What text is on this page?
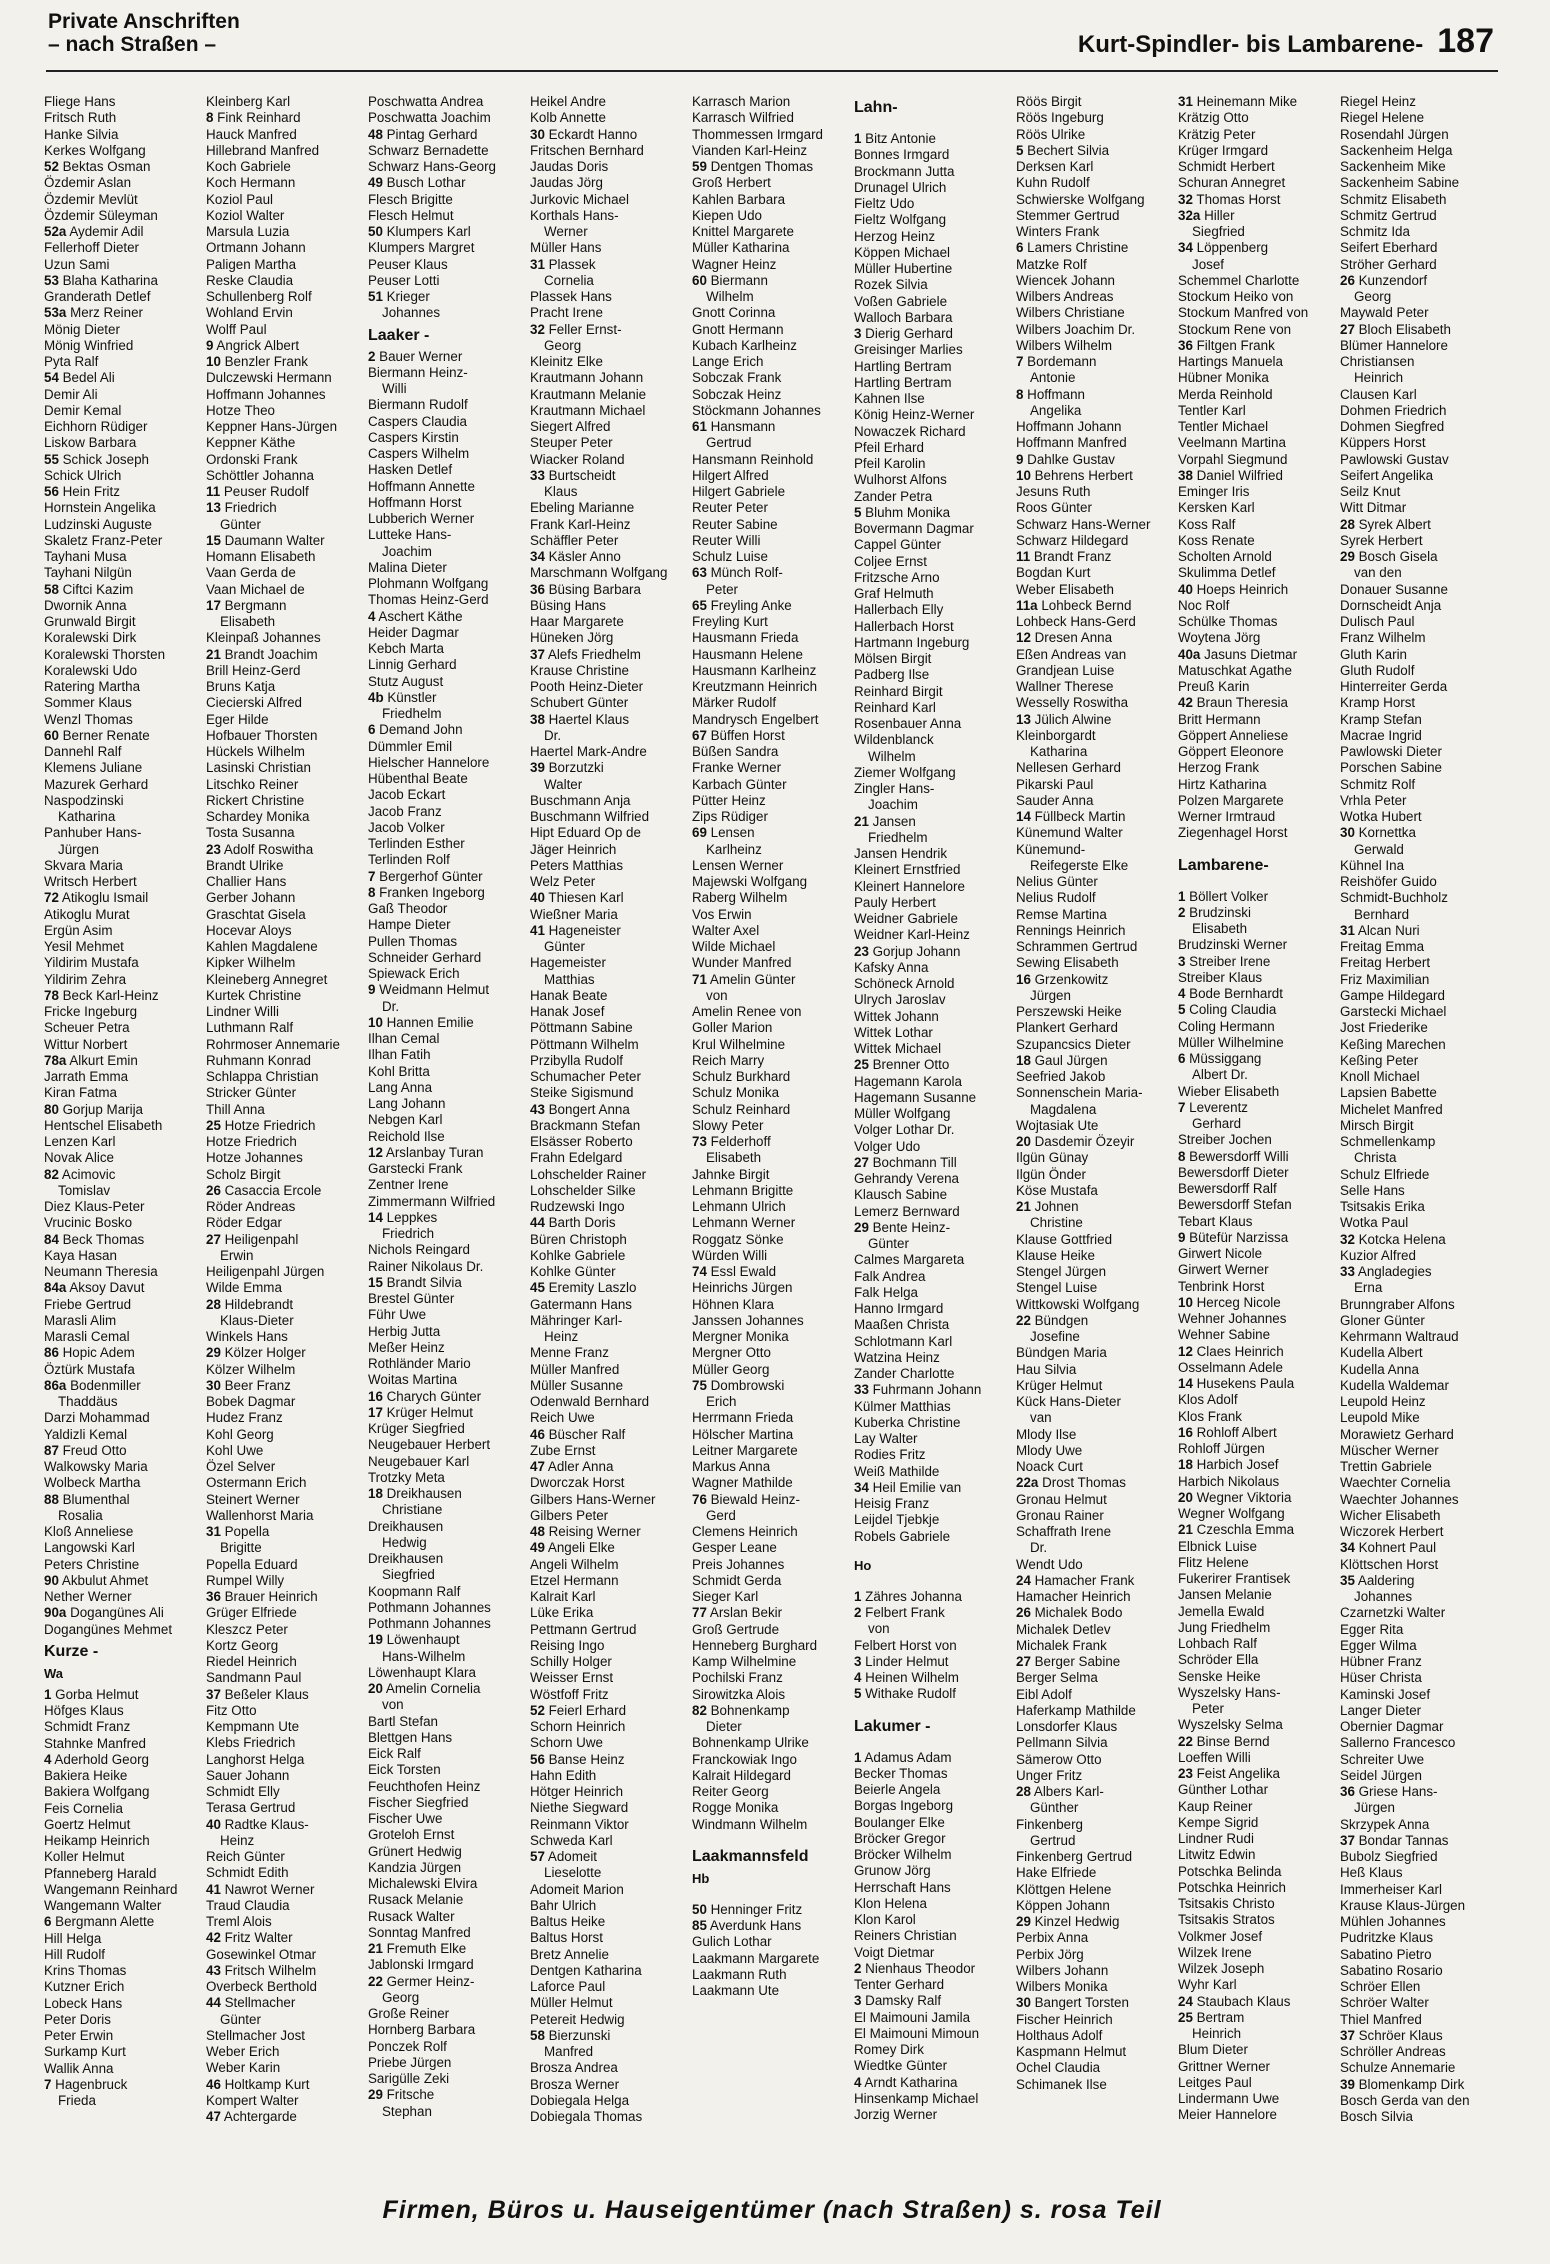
Private Anschriften
– nach Straßen –	Kurt-Spindler- bis Lambarene- 187
Fliege Hans
Fritsch Ruth
Hanke Silvia
Kerkes Wolfgang
52 Bektas Osman
Özdemir Aslan
Özdemir Mevlüt
Özdemir Süleyman
52a Aydemir Adil
Fellerhoff Dieter
Uzun Sami
53 Blaha Katharina
Granderath Detlef
53a Merz Reiner
Mönig Dieter
Mönig Winfried
Pyta Ralf
54 Bedel Ali
Demir Ali
Demir Kemal
Eichhorn Rüdiger
Liskow Barbara
55 Schick Joseph
Schick Ulrich
56 Hein Fritz
Hornstein Angelika
Ludzinski Auguste
Skaletz Franz-Peter
Tayhani Musa
Tayhani Nilgün
58 Ciftci Kazim
Dwornik Anna
Grunwald Birgit
Koralewski Dirk
Koralewski Thorsten
Koralewski Udo
Ratering Martha
Sommer Klaus
Wenzl Thomas
60 Berner Renate
Dannehl Ralf
Klemens Juliane
Mazurek Gerhard
Naspodzinski
Katharina
Panhuber Hans-
Jürgen
Skvara Maria
Writsch Herbert
72 Atikoglu Ismail
Atikoglu Murat
Ergün Asim
Yesil Mehmet
Yildirim Mustafa
Yildirim Zehra
78 Beck Karl-Heinz
Fricke Ingeburg
Scheuer Petra
Wittur Norbert
78a Alkurt Emin
Jarrath Emma
Kiran Fatma
80 Gorjup Marija
Hentschel Elisabeth
Lenzen Karl
Novak Alice
82 Acimovic
Tomislav
Diez Klaus-Peter
Vrucinic Bosko
84 Beck Thomas
Kaya Hasan
Neumann Theresia
84a Aksoy Davut
Friebe Gertrud
Marasli Alim
Marasli Cemal
86 Hopic Adem
Öztürk Mustafa
86a Bodenmiller
Thaddäus
Darzi Mohammad
Yaldizli Kemal
87 Freud Otto
Walkowsky Maria
Wolbeck Martha
88 Blumenthal
Rosalia
Kloß Anneliese
Langowski Karl
Peters Christine
90 Akbulut Ahmet
Nether Werner
90a Dogangünes Ali
Dogangünes Mehmet
Kurze -
Wa
1 Gorba Helmut
Höfges Klaus
Schmidt Franz
Stahnke Manfred
4 Aderhold Georg
Bakiera Heike
Bakiera Wolfgang
Feis Cornelia
Goertz Helmut
Heikamp Heinrich
Koller Helmut
Pfanneberg Harald
Wangemann Reinhard
Wangemann Walter
6 Bergmann Alette
Hill Helga
Hill Rudolf
Krins Thomas
Kutzner Erich
Lobeck Hans
Peter Doris
Peter Erwin
Surkamp Kurt
Wallik Anna
7 Hagenbruck
Frieda
Kleinberg Karl
8 Fink Reinhard
Hauck Manfred
Hillebrand Manfred
Koch Gabriele
Koch Hermann
Koziol Paul
Koziol Walter
Marsula Luzia
Ortmann Johann
Paligen Martha
Reske Claudia
Schullenberg Rolf
Wohland Ervin
Wolff Paul
9 Angrick Albert
10 Benzler Frank
Dulczewski Hermann
Hoffmann Johannes
Hotze Theo
Keppner Hans-Jürgen
Keppner Käthe
Ordonski Frank
Schöttler Johanna
11 Peuser Rudolf
13 Friedrich
Günter
15 Daumann Walter
Homann Elisabeth
Vaan Gerda de
Vaan Michael de
17 Bergmann
Elisabeth
Kleinpaß Johannes
21 Brandt Joachim
Brill Heinz-Gerd
Bruns Katja
Ciecierski Alfred
Eger Hilde
Hofbauer Thorsten
Hückels Wilhelm
Lasinski Christian
Litschko Reiner
Rickert Christine
Schardey Monika
Tosta Susanna
23 Adolf Roswitha
Brandt Ulrike
Challier Hans
Gerber Johann
Graschtat Gisela
Hocevar Aloys
Kahlen Magdalene
Kipker Wilhelm
Kleineberg Annegret
Kurtek Christine
Lindner Willi
Luthmann Ralf
Rohrmoser Annemarie
Ruhmann Konrad
Schlappa Christian
Stricker Günter
Thill Anna
25 Hotze Friedrich
Hotze Friedrich
Hotze Johannes
Scholz Birgit
26 Casaccia Ercole
Röder Andreas
Röder Edgar
27 Heiligenpahl
Erwin
Heiligenpahl Jürgen
Wilde Emma
28 Hildebrandt
Klaus-Dieter
Winkels Hans
29 Kölzer Holger
Kölzer Wilhelm
30 Beer Franz
Bobek Dagmar
Hudez Franz
Kohl Georg
Kohl Uwe
Özel Selver
Ostermann Erich
Steinert Werner
Wallenhorst Maria
31 Popella
Brigitte
Popella Eduard
Rumpel Willy
36 Brauer Heinrich
Grüger Elfriede
Kleszcz Peter
Kortz Georg
Riedel Heinrich
Sandmann Paul
37 Beßeler Klaus
Fitz Otto
Kempmann Ute
Klebs Friedrich
Langhorst Helga
Sauer Johann
Schmidt Elly
Terasa Gertrud
40 Radtke Klaus-
Heinz
Reich Günter
Schmidt Edith
41 Nawrot Werner
Traud Claudia
Treml Alois
42 Fritz Walter
Gosewinkel Otmar
43 Fritsch Wilhelm
Overbeck Berthold
44 Stellmacher
Günter
Stellmacher Jost
Weber Erich
Weber Karin
46 Holtkamp Kurt
Kompert Walter
47 Achtergarde
Poschwatta Andrea
Poschwatta Joachim
48 Pintag Gerhard
Schwarz Bernadette
Schwarz Hans-Georg
49 Busch Lothar
Flesch Brigitte
Flesch Helmut
50 Klumpers Karl
Klumpers Margret
Peuser Klaus
Peuser Lotti
51 Krieger
Johannes
Laaker -
2 Bauer Werner
Biermann Heinz-
Willi
Biermann Rudolf
Caspers Claudia
Caspers Kirstin
Caspers Wilhelm
Hasken Detlef
Hoffmann Annette
Hoffmann Horst
Lubberich Werner
Lutteke Hans-
Joachim
Malina Dieter
Plohmann Wolfgang
Thomas Heinz-Gerd
4 Aschert Käthe
Heider Dagmar
Kebch Marta
Linnig Gerhard
Stutz August
4b Künstler
Friedhelm
6 Demand John
Dümmler Emil
Hielscher Hannelore
Hübenthal Beate
Jacob Eckart
Jacob Franz
Jacob Volker
Terlinden Esther
Terlinden Rolf
7 Bergerhof Günter
8 Franken Ingeborg
Gaß Theodor
Hampe Dieter
Pullen Thomas
Schneider Gerhard
Spiewack Erich
9 Weidmann Helmut
Dr.
10 Hannen Emilie
Ilhan Cemal
Ilhan Fatih
Kohl Britta
Lang Anna
Lang Johann
Nebgen Karl
Reichold Ilse
12 Arslanbay Turan
Garstecki Frank
Zentner Irene
Zimmermann Wilfried
14 Leppkes
Friedrich
Nichols Reingard
Rainer Nikolaus Dr.
15 Brandt Silvia
Brestel Günter
Führ Uwe
Herbig Jutta
Meßer Heinz
Rothländer Mario
Woitas Martina
16 Charych Günter
17 Krüger Helmut
Krüger Siegfried
Neugebauer Herbert
Neugebauer Karl
Trotzky Meta
18 Dreikhausen
Christiane
Dreikhausen
Hedwig
Dreikhausen
Siegfried
Koopmann Ralf
Pothmann Johannes
Pothmann Johannes
19 Löwenhaupt
Hans-Wilhelm
Löwenhaupt Klara
20 Amelin Cornelia
von
Bartl Stefan
Blettgen Hans
Eick Ralf
Eick Torsten
Feuchthofen Heinz
Fischer Siegfried
Fischer Uwe
Groteloh Ernst
Grünert Hedwig
Kandzia Jürgen
Michalewski Elvira
Rusack Melanie
Rusack Walter
Sonntag Manfred
21 Fremuth Elke
Jablonski Irmgard
22 Germer Heinz-
Georg
Große Reiner
Hornberg Barbara
Ponczek Rolf
Priebe Jürgen
Sarigülle Zeki
29 Fritsche
Stephan
Heikel Andre
Kolb Annette
30 Eckardt Hanno
Fritschen Bernhard
Jaudas Doris
Jaudas Jörg
Jurkovic Michael
Korthals Hans-
Werner
Müller Hans
31 Plassek
Cornelia
Plassek Hans
Pracht Irene
32 Feller Ernst-
Georg
Kleinitz Elke
Krautmann Johann
Krautmann Melanie
Krautmann Michael
Siegert Alfred
Steuper Peter
Wiacker Roland
33 Burtscheidt
Klaus
Ebeling Marianne
Frank Karl-Heinz
Schäffler Peter
34 Käsler Anno
Marschmann Wolfgang
36 Büsing Barbara
Büsing Hans
Haar Margarete
Hüneken Jörg
37 Alefs Friedhelm
Krause Christine
Pooth Heinz-Dieter
Schubert Günter
38 Haertel Klaus
Dr.
Haertel Mark-Andre
39 Borzutzki
Walter
Buschmann Anja
Buschmann Wilfried
Hipt Eduard Op de
Jäger Heinrich
Peters Matthias
Welz Peter
40 Thiesen Karl
Wießner Maria
41 Hageneister
Günter
Hagemeister
Matthias
Hanak Beate
Hanak Josef
Pöttmann Sabine
Pöttmann Wilhelm
Przibylla Rudolf
Schumacher Peter
Steike Sigismund
43 Bongert Anna
Brackmann Stefan
Elsässer Roberto
Frahn Edelgard
Lohschelder Rainer
Lohschelder Silke
Rudzewski Ingo
44 Barth Doris
Büren Christoph
Kohlke Gabriele
Kohlke Günter
45 Eremity Laszlo
Gatermann Hans
Mähringer Karl-
Heinz
Menne Franz
Müller Manfred
Müller Susanne
Odenwald Bernhard
Reich Uwe
46 Büscher Ralf
Zube Ernst
47 Adler Anna
Dworczak Horst
Gilbers Hans-Werner
Gilbers Peter
48 Reising Werner
49 Angeli Elke
Angeli Wilhelm
Etzel Hermann
Kalrait Karl
Lüke Erika
Pettmann Gertrud
Reising Ingo
Schilly Holger
Weisser Ernst
Wöstfoff Fritz
52 Feierl Erhard
Schorn Heinrich
Schorn Uwe
56 Banse Heinz
Hahn Edith
Hötger Heinrich
Niethe Siegward
Reinmann Viktor
Schweda Karl
57 Adomeit
Lieselotte
Adomeit Marion
Bahr Ulrich
Baltus Heike
Baltus Horst
Bretz Annelie
Dentgen Katharina
Laforce Paul
Müller Helmut
Petereit Hedwig
58 Bierzunski
Manfred
Brosza Andrea
Brosza Werner
Dobiegala Helga
Dobiegala Thomas
Karrasch Marion
Karrasch Wilfried
Thommessen Irmgard
Vianden Karl-Heinz
59 Dentgen Thomas
Groß Herbert
Kahlen Barbara
Kiepen Udo
Knittel Margarete
Müller Katharina
Wagner Heinz
60 Biermann
Wilhelm
Gnott Corinna
Gnott Hermann
Kubach Karlheinz
Lange Erich
Sobczak Frank
Sobczak Heinz
Stöckmann Johannes
61 Hansmann
Gertrud
Hansmann Reinhold
Hilgert Alfred
Hilgert Gabriele
Reuter Peter
Reuter Sabine
Reuter Willi
Schulz Luise
63 Münch Rolf-
Peter
65 Freyling Anke
Freyling Kurt
Hausmann Frieda
Hausmann Helene
Hausmann Karlheinz
Kreutzmann Heinrich
Märker Rudolf
Mandrysch Engelbert
67 Büffen Horst
Büßen Sandra
Franke Werner
Karbach Günter
Pütter Heinz
Zips Rüdiger
69 Lensen
Karlheinz
Lensen Werner
Majewski Wolfgang
Raberg Wilhelm
Vos Erwin
Walter Axel
Wilde Michael
Wunder Manfred
71 Amelin Günter
von
Amelin Renee von
Goller Marion
Krul Wilhelmine
Reich Marry
Schulz Burkhard
Schulz Monika
Schulz Reinhard
Slowy Peter
73 Felderhoff
Elisabeth
Jahnke Birgit
Lehmann Brigitte
Lehmann Ulrich
Lehmann Werner
Roggatz Sönke
Würden Willi
74 Essl Ewald
Heinrichs Jürgen
Höhnen Klara
Janssen Johannes
Mergner Monika
Mergner Otto
Müller Georg
75 Dombrowski
Erich
Herrmann Frieda
Hölscher Martina
Leitner Margarete
Markus Anna
Wagner Mathilde
76 Biewald Heinz-
Gerd
Clemens Heinrich
Gesper Leane
Preis Johannes
Schmidt Gerda
Sieger Karl
77 Arslan Bekir
Groß Gertrude
Henneberg Burghard
Kamp Wilhelmine
Pochilski Franz
Sirowitzka Alois
82 Bohnenkamp
Dieter
Bohnenkamp Ulrike
Franckowiak Ingo
Kalrait Hildegard
Reiter Georg
Rogge Monika
Windmann Wilhelm
Laakmannsfeld
Hb
50 Henninger Fritz
85 Averdunk Hans
Gulich Lothar
Laakmann Margarete
Laakmann Ruth
Laakmann Ute
Lahn-
1 Bitz Antonie
Bonnes Irmgard
Brockmann Jutta
Drunagel Ulrich
Fieltz Udo
Fieltz Wolfgang
Herzog Heinz
Köppen Michael
Müller Hubertine
Rozek Silvia
Voßen Gabriele
Walloch Barbara
3 Dierig Gerhard
Greisinger Marlies
Hartling Bertram
Hartling Bertram
Kahnen Ilse
König Heinz-Werner
Nowaczek Richard
Pfeil Erhard
Pfeil Karolin
Wulhorst Alfons
Zander Petra
5 Bluhm Monika
Bovermann Dagmar
Cappel Günter
Coljee Ernst
Fritzsche Arno
Graf Helmuth
Hallerbach Elly
Hallerbach Horst
Hartmann Ingeburg
Mölsen Birgit
Padberg Ilse
Reinhard Birgit
Reinhard Karl
Rosenbauer Anna
Wildenblanck
Wilhelm
Ziemer Wolfgang
Zingler Hans-
Joachim
21 Jansen
Friedhelm
Jansen Hendrik
Kleinert Ernstfried
Kleinert Hannelore
Pauly Herbert
Weidner Gabriele
Weidner Karl-Heinz
23 Gorjup Johann
Kafsky Anna
Schöneck Arnold
Ulrych Jaroslav
Wittek Johann
Wittek Lothar
Wittek Michael
25 Brenner Otto
Hagemann Karola
Hagemann Susanne
Müller Wolfgang
Volger Lothar Dr.
Volger Udo
27 Bochmann Till
Gehrandy Verena
Klausch Sabine
Lemerz Bernward
29 Bente Heinz-
Günter
Calmes Margareta
Falk Andrea
Falk Helga
Hanno Irmgard
Maaßen Christa
Schlotmann Karl
Watzina Heinz
Zander Charlotte
33 Fuhrmann Johann
Külmer Matthias
Kuberka Christine
Lay Walter
Rodies Fritz
Weiß Mathilde
34 Heil Emilie van
Heisig Franz
Leijdel Tjebkje
Robels Gabriele
Ho
1 Zähres Johanna
2 Felbert Frank
von
Felbert Horst von
3 Linder Helmut
4 Heinen Wilhelm
5 Withake Rudolf
Lakumer -
1 Adamus Adam
Becker Thomas
Beierle Angela
Borgas Ingeborg
Boulanger Elke
Bröcker Gregor
Bröcker Wilhelm
Grunow Jörg
Herrschaft Hans
Klon Helena
Klon Karol
Reiners Christian
Voigt Dietmar
2 Nienhaus Theodor
Tenter Gerhard
3 Damsky Ralf
El Maimouni Jamila
El Maimouni Mimoun
Romey Dirk
Wiedtke Günter
4 Arndt Katharina
Hinsenkamp Michael
Jorzig Werner
Röös Birgit
Röös Ingeburg
Röös Ulrike
5 Bechert Silvia
Derksen Karl
Kuhn Rudolf
Schwierske Wolfgang
Stemmer Gertrud
Winters Frank
6 Lamers Christine
Matzke Rolf
Wiencek Johann
Wilbers Andreas
Wilbers Christiane
Wilbers Joachim Dr.
Wilbers Wilhelm
7 Bordemann
Antonie
8 Hoffmann
Angelika
Hoffmann Johann
Hoffmann Manfred
9 Dahlke Gustav
10 Behrens Herbert
Jesuns Ruth
Roos Günter
Schwarz Hans-Werner
Schwarz Hildegard
11 Brandt Franz
Bogdan Kurt
Weber Elisabeth
11a Lohbeck Bernd
Lohbeck Hans-Gerd
12 Dresen Anna
Eßen Andreas van
Grandjean Luise
Wallner Therese
Wesselly Roswitha
13 Jülich Alwine
Kleinborgardt
Katharina
Nellesen Gerhard
Pikarski Paul
Sauder Anna
14 Füllbeck Martin
Künemund Walter
Künemund-
Reifegerste Elke
Nelius Günter
Nelius Rudolf
Remse Martina
Rennings Heinrich
Schrammen Gertrud
Sewing Elisabeth
16 Grzenkowitz
Jürgen
Perszewski Heike
Plankert Gerhard
Szupancsics Dieter
18 Gaul Jürgen
Seefried Jakob
Sonnenschein Maria-
Magdalena
Wojtasiak Ute
20 Dasdemir Özeyir
Ilgün Günay
Ilgün Önder
Köse Mustafa
21 Johnen
Christine
Klause Gottfried
Klause Heike
Stengel Jürgen
Stengel Luise
Wittkowski Wolfgang
22 Bündgen
Josefine
Bündgen Maria
Hau Silvia
Krüger Helmut
Kück Hans-Dieter
van
Mlody Ilse
Mlody Uwe
Noack Curt
22a Drost Thomas
Gronau Helmut
Gronau Rainer
Schaffrath Irene
Dr.
Wendt Udo
24 Hamacher Frank
Hamacher Heinrich
26 Michalek Bodo
Michalek Detlev
Michalek Frank
27 Berger Sabine
Berger Selma
Eibl Adolf
Haferkamp Mathilde
Lonsdorfer Klaus
Pellmann Silvia
Sämerow Otto
Unger Fritz
28 Albers Karl-
Günther
Finkenberg
Gertrud
Finkenberg Gertrud
Hake Elfriede
Klöttgen Helene
Köppen Johann
29 Kinzel Hedwig
Perbix Anna
Perbix Jörg
Wilbers Johann
Wilbers Monika
30 Bangert Torsten
Fischer Heinrich
Holthaus Adolf
Kaspmann Helmut
Ochel Claudia
Schimanek Ilse
31 Heinemann Mike
Krätzig Otto
Krätzig Peter
Krüger Irmgard
Schmidt Herbert
Schuran Annegret
32 Thomas Horst
32a Hiller
Siegfried
34 Löppenberg
Josef
Schemmel Charlotte
Stockum Heiko von
Stockum Manfred von
Stockum Rene von
36 Filtgen Frank
Hartings Manuela
Hübner Monika
Merda Reinhold
Tentler Karl
Tentler Michael
Veelmann Martina
Vorpahl Siegmund
38 Daniel Wilfried
Eminger Iris
Kersken Karl
Koss Ralf
Koss Renate
Scholten Arnold
Skulimma Detlef
40 Hoeps Heinrich
Noc Rolf
Schülke Thomas
Woytena Jörg
40a Jasuns Dietmar
Matuschkat Agathe
Preuß Karin
42 Braun Theresia
Britt Hermann
Göppert Anneliese
Göppert Eleonore
Herzog Frank
Hirtz Katharina
Polzen Margarete
Werner Irmtraud
Ziegenhagel Horst
Lambarene-
1 Böllert Volker
2 Brudzinski
Elisabeth
Brudzinski Werner
3 Streiber Irene
Streiber Klaus
4 Bode Bernhardt
5 Coling Claudia
Coling Hermann
Müller Wilhelmine
6 Müssiggang
Albert Dr.
Wieber Elisabeth
7 Leverentz
Gerhard
Streiber Jochen
8 Bewersdorff Willi
Bewersdorff Dieter
Bewersdorff Ralf
Bewersdorff Stefan
Tebart Klaus
9 Bütefür Narzissa
Girwert Nicole
Girwert Werner
Tenbrink Horst
10 Herceg Nicole
Wehner Johannes
Wehner Sabine
12 Claes Heinrich
Osselmann Adele
14 Husekens Paula
Klos Adolf
Klos Frank
16 Rohloff Albert
Rohloff Jürgen
18 Harbich Josef
Harbich Nikolaus
20 Wegner Viktoria
Wegner Wolfgang
21 Czeschla Emma
Elbnick Luise
Flitz Helene
Fukerirer Frantisek
Jansen Melanie
Jemella Ewald
Jung Friedhelm
Lohbach Ralf
Schröder Ella
Senske Heike
Wyszelsky Hans-
Peter
Wyszelsky Selma
22 Binse Bernd
Loeffen Willi
23 Feist Angelika
Günther Lothar
Kaup Reiner
Kempe Sigrid
Lindner Rudi
Litwitz Edwin
Potschka Belinda
Potschka Heinrich
Tsitsakis Christo
Tsitsakis Stratos
Volkmer Josef
Wilzek Irene
Wilzek Joseph
Wyhr Karl
24 Staubach Klaus
25 Bertram
Heinrich
Blum Dieter
Grittner Werner
Leitges Paul
Lindermann Uwe
Meier Hannelore
Riegel Heinz
Riegel Helene
Rosendahl Jürgen
Sackenheim Helga
Sackenheim Mike
Sackenheim Sabine
Schmitz Elisabeth
Schmitz Gertrud
Schmitz Ida
Seifert Eberhard
Ströher Gerhard
26 Kunzendorf
Georg
Maywald Peter
27 Bloch Elisabeth
Blümer Hannelore
Christiansen
Heinrich
Clausen Karl
Dohmen Friedrich
Dohmen Siegfred
Küppers Horst
Pawlowski Gustav
Seifert Angelika
Seilz Knut
Witt Ditmar
28 Syrek Albert
Syrek Herbert
29 Bosch Gisela
van den
Donauer Susanne
Dornscheidt Anja
Dulisch Paul
Franz Wilhelm
Gluth Karin
Gluth Rudolf
Hinterreiter Gerda
Kramp Horst
Kramp Stefan
Macrae Ingrid
Pawlowski Dieter
Porschen Sabine
Schmitz Rolf
Vrhla Peter
Wotka Hubert
30 Kornettka
Gerwald
Kühnel Ina
Reishöfer Guido
Schmidt-Buchholz
Bernhard
31 Alcan Nuri
Freitag Emma
Freitag Herbert
Friz Maximilian
Gampe Hildegard
Garstecki Michael
Jost Friederike
Keßing Marechen
Keßing Peter
Knoll Michael
Lapsien Babette
Michelet Manfred
Mirsch Birgit
Schmellenkamp
Christa
Schulz Elfriede
Selle Hans
Tsitsakis Erika
Wotka Paul
32 Kotcka Helena
Kuzior Alfred
33 Angladegies
Erna
Brunngraber Alfons
Gloner Günter
Kehrmann Waltraud
Kudella Albert
Kudella Anna
Kudella Waldemar
Leupold Heinz
Leupold Mike
Morawietz Gerhard
Müscher Werner
Trettin Gabriele
Waechter Cornelia
Waechter Johannes
Wicher Elisabeth
Wiczorek Herbert
34 Kohnert Paul
Klöttschen Horst
35 Aaldering
Johannes
Czarnetzki Walter
Egger Rita
Egger Wilma
Hübner Franz
Hüser Christa
Kaminski Josef
Langer Dieter
Obernier Dagmar
Sallerno Francesco
Schreiter Uwe
Seidel Jürgen
36 Griese Hans-
Jürgen
Skrzypek Anna
37 Bondar Tannas
Bubolz Siegfried
Heß Klaus
Immerheiser Karl
Krause Klaus-Jürgen
Mühlen Johannes
Pudritzke Klaus
Sabatino Pietro
Sabatino Rosario
Schröer Ellen
Schröer Walter
Thiel Manfred
37 Schröer Klaus
Schröller Andreas
Schulze Annemarie
39 Blomenkamp Dirk
Bosch Gerda van den
Bosch Silvia
Firmen, Büros u. Hauseigentümer (nach Straßen) s. rosa Teil
